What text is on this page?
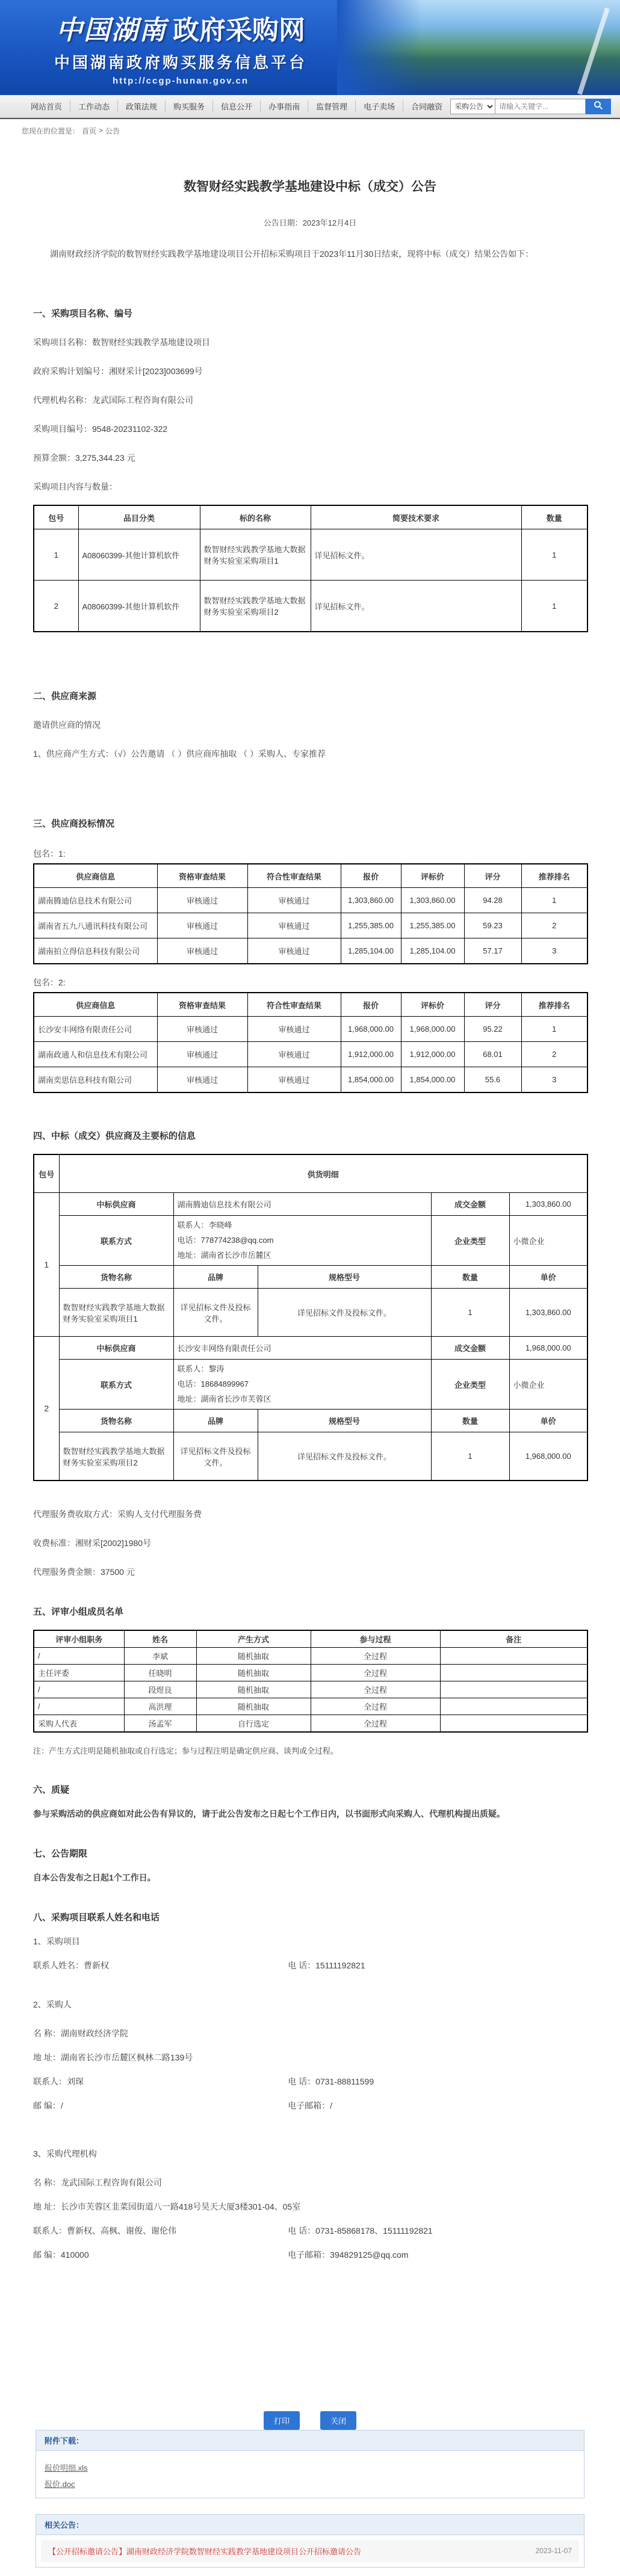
中国湖南 政府采购网
中国湖南政府购买服务信息平台
http://ccgp-hunan.gov.cn
网站首页	工作动态	政策法规	购买服务	信息公开	办事指南	监督管理	电子卖场	合同融资
采购公告
请输入关键字...
您现在的位置是： 首页 > 公告
数智财经实践教学基地建设中标（成交）公告
公告日期：2023年12月4日

湖南财政经济学院的数智财经实践教学基地建设项目公开招标采购项目于2023年11月30日结束，现将中标（成交）结果公告如下：

一、采购项目名称、编号

采购项目名称：数智财经实践教学基地建设项目

政府采购计划编号：湘财采计[2023]003699号

代理机构名称：龙武国际工程咨询有限公司

采购项目编号：9548-20231102-322

预算金额：3,275,344.23 元

采购项目内容与数量：

包号	品目分类	标的名称	简要技术要求	数量
1	A08060399-其他计算机软件	数智财经实践教学基地大数据财务实验室采购项目1	详见招标文件。	1
2	A08060399-其他计算机软件	数智财经实践教学基地大数据财务实验室采购项目2	详见招标文件。	1
二、供应商来源

邀请供应商的情况

1、供应商产生方式：（√）公告邀请 （ ）供应商库抽取 （ ）采购人、专家推荐

三、供应商投标情况

包名：1:

供应商信息	资格审查结果	符合性审查结果	报价	评标价	评分	推荐排名
湖南腾迪信息技术有限公司	审核通过	审核通过	1,303,860.00	1,303,860.00	94.28	1
湖南省五九八通讯科技有限公司	审核通过	审核通过	1,255,385.00	1,255,385.00	59.23	2
湖南拍立得信息科技有限公司	审核通过	审核通过	1,285,104.00	1,285,104.00	57.17	3

包名：2:

供应商信息	资格审查结果	符合性审查结果	报价	评标价	评分	推荐排名
长沙安丰网络有限责任公司	审核通过	审核通过	1,968,000.00	1,968,000.00	95.22	1
湖南政通人和信息技术有限公司	审核通过	审核通过	1,912,000.00	1,912,000.00	68.01	2
湖南奕思信息科技有限公司	审核通过	审核通过	1,854,000.00	1,854,000.00	55.6	3
四、中标（成交）供应商及主要标的信息
包号	供货明细				
1	中标供应商	湖南腾迪信息技术有限公司		成交金额	1,303,860.00
	联系方式	联系人：李晓峰
电话：778774238@qq.com
地址：湖南省长沙市岳麓区		企业类型	小微企业
	货物名称	品牌	规格型号	数量	单价
	数智财经实践教学基地大数据财务实验室采购项目1	详见招标文件及投标文件。	详见招标文件及投标文件。	1	1,303,860.00
2	中标供应商	长沙安丰网络有限责任公司		成交金额	1,968,000.00
	联系方式	联系人：黎涛
电话：18684899967
地址：湖南省长沙市芙蓉区		企业类型	小微企业
	货物名称	品牌	规格型号	数量	单价
	数智财经实践教学基地大数据财务实验室采购项目2	详见招标文件及投标文件。	详见招标文件及投标文件。	1	1,968,000.00

代理服务费收取方式：采购人支付代理服务费

收费标准：湘财采[2002]1980号

代理服务费金额：37500 元

五、评审小组成员名单
评审小组职务	姓名	产生方式	参与过程	备注
/	李斌	随机抽取	全过程	
主任评委	任晓明	随机抽取	全过程	
/	段煜良	随机抽取	全过程	
/	高洪理	随机抽取	全过程	
采购人代表	汤孟军	自行选定	全过程	

注：产生方式注明是随机抽取或自行选定；参与过程注明是确定供应商、谈判或全过程。

六、质疑

参与采购活动的供应商如对此公告有异议的，请于此公告发布之日起七个工作日内，以书面形式向采购人、代理机构提出质疑。

七、公告期限

自本公告发布之日起1个工作日。

八、采购项目联系人姓名和电话

1、采购项目

联系人姓名：曹新权	电 话：15111192821

2、采购人

名 称：湖南财政经济学院

地 址：湖南省长沙市岳麓区枫林二路139号

联系人：刘琛	电 话：0731-88811599
邮 编：/	电子邮箱：/

3、采购代理机构

名 称：龙武国际工程咨询有限公司

地 址：长沙市芙蓉区韭菜园街道八一路418号昊天大厦3楼301-04、05室

联系人：曹新权、高枫、谢俊、谢伦伟	电 话：0731-85868178、15111192821
邮 编：410000	电子邮箱：394829125@qq.com
打印	关闭
附件下载：
报价明细.xls
报价.doc
相关公告：
【公开招标邀请公告】湖南财政经济学院数智财经实践教学基地建设项目公开招标邀请公告	2023-11-07
